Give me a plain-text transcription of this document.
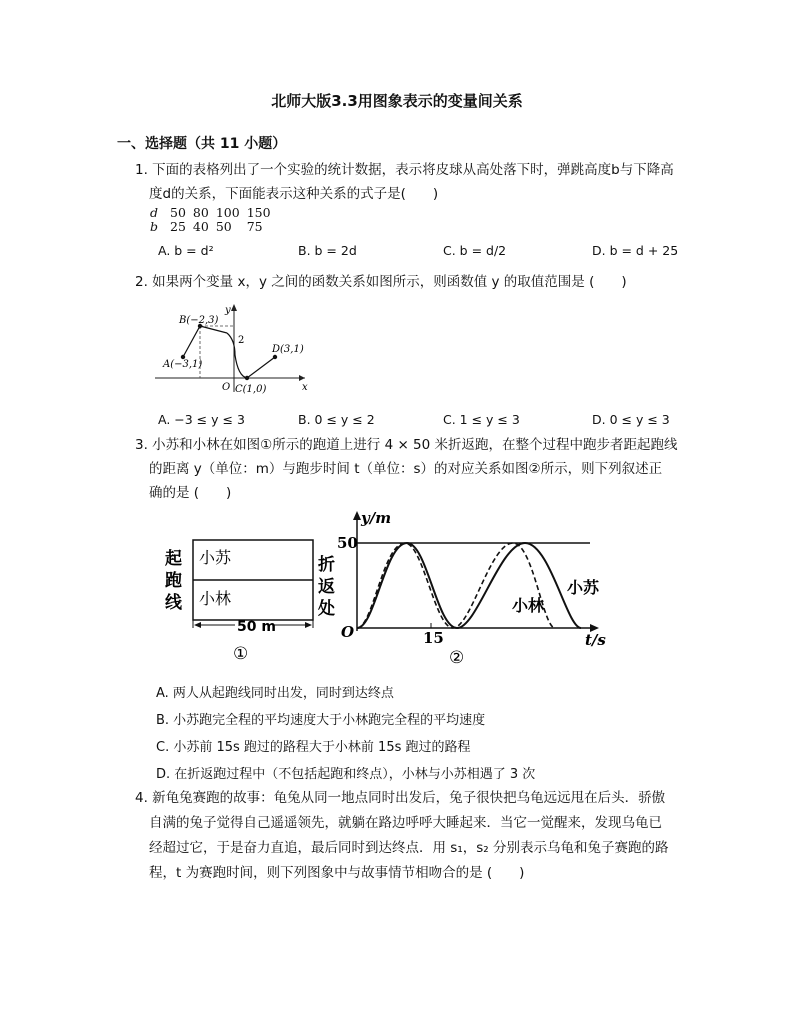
北师大版3.3用图象表示的变量间关系
一、选择题（共 11 小题）
1. 下面的表格列出了一个实验的统计数据，表示将皮球从高处落下时，弹跳高度b与下降高
度d的关系，下面能表示这种关系的式子是(　　)
d	50	80	100	150
b	25	40	50	75
A. b = d²	B. b = 2d	C. b = d/2	D. b = d + 25
2. 如果两个变量 x，y 之间的函数关系如图所示，则函数值 y 的取值范围是 (　　)
B(−2,3)
A(−3,1)
D(3,1)
C(1,0)
O
2
x
y
A. −3 ≤ y ≤ 3	B. 0 ≤ y ≤ 2	C. 1 ≤ y ≤ 3	D. 0 ≤ y ≤ 3
3. 小苏和小林在如图①所示的跑道上进行 4 × 50 米折返跑，在整个过程中跑步者距起跑线
的距离 y（单位：m）与跑步时间 t（单位：s）的对应关系如图②所示，则下列叙述正
确的是 (　　)
小苏
小林
起
跑
线
折
返
处
50 m
①
y/m
t/s
50
15
O
小苏
小林
②
A. 两人从起跑线同时出发，同时到达终点
B. 小苏跑完全程的平均速度大于小林跑完全程的平均速度
C. 小苏前 15s 跑过的路程大于小林前 15s 跑过的路程
D. 在折返跑过程中（不包括起跑和终点），小林与小苏相遇了 3 次
4. 新龟兔赛跑的故事：龟兔从同一地点同时出发后，兔子很快把乌龟远远甩在后头．骄傲
自满的兔子觉得自己遥遥领先，就躺在路边呼呼大睡起来．当它一觉醒来，发现乌龟已
经超过它，于是奋力直追，最后同时到达终点．用 s₁，s₂ 分别表示乌龟和兔子赛跑的路
程，t 为赛跑时间，则下列图象中与故事情节相吻合的是 (　　)
